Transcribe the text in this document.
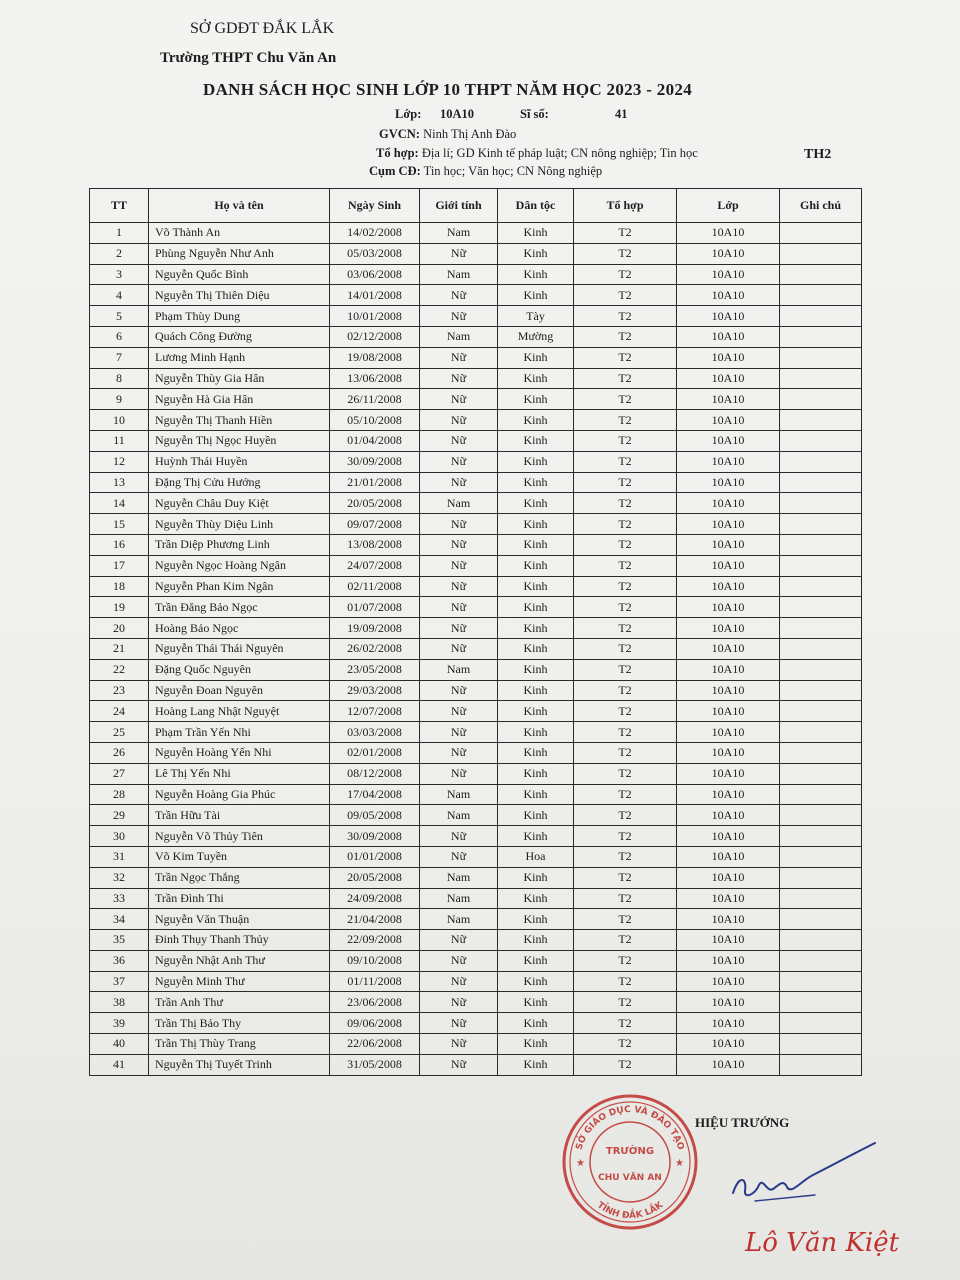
SỞ GDĐT ĐẮK LẮK
Trường THPT Chu Văn An
DANH SÁCH HỌC SINH LỚP 10 THPT NĂM HỌC 2023 - 2024
Lớp: 10A10	Sĩ số:	41
GVCN: Ninh Thị Anh Đào
Tổ hợp: Địa lí; GD Kinh tế pháp luật; CN nông nghiệp; Tin học
Cụm CĐ: Tin học; Văn học; CN Nông nghiệp
TH2
TT	Họ và tên	Ngày Sinh	Giới tính	Dân tộc	Tổ hợp	Lớp	Ghi chú
1	Võ Thành An	14/02/2008	Nam	Kinh	T2	10A10	
2	Phùng Nguyễn Như Anh	05/03/2008	Nữ	Kinh	T2	10A10	
3	Nguyễn Quốc Bình	03/06/2008	Nam	Kinh	T2	10A10	
4	Nguyễn Thị Thiên Diệu	14/01/2008	Nữ	Kinh	T2	10A10	
5	Phạm Thùy Dung	10/01/2008	Nữ	Tày	T2	10A10	
6	Quách Công Đường	02/12/2008	Nam	Mường	T2	10A10	
7	Lương Minh Hạnh	19/08/2008	Nữ	Kinh	T2	10A10	
8	Nguyễn Thùy Gia Hân	13/06/2008	Nữ	Kinh	T2	10A10	
9	Nguyễn Hà Gia Hân	26/11/2008	Nữ	Kinh	T2	10A10	
10	Nguyễn Thị Thanh Hiền	05/10/2008	Nữ	Kinh	T2	10A10	
11	Nguyễn Thị Ngọc Huyền	01/04/2008	Nữ	Kinh	T2	10A10	
12	Huỳnh Thái Huyền	30/09/2008	Nữ	Kinh	T2	10A10	
13	Đặng Thị Cửu Hướng	21/01/2008	Nữ	Kinh	T2	10A10	
14	Nguyễn Châu Duy Kiệt	20/05/2008	Nam	Kinh	T2	10A10	
15	Nguyễn Thùy Diệu Linh	09/07/2008	Nữ	Kinh	T2	10A10	
16	Trần Diệp Phương Linh	13/08/2008	Nữ	Kinh	T2	10A10	
17	Nguyễn Ngọc Hoàng Ngân	24/07/2008	Nữ	Kinh	T2	10A10	
18	Nguyễn Phan Kim Ngân	02/11/2008	Nữ	Kinh	T2	10A10	
19	Trần Đăng Bảo Ngọc	01/07/2008	Nữ	Kinh	T2	10A10	
20	Hoàng Bảo Ngọc	19/09/2008	Nữ	Kinh	T2	10A10	
21	Nguyễn Thái Thái Nguyên	26/02/2008	Nữ	Kinh	T2	10A10	
22	Đặng Quốc Nguyên	23/05/2008	Nam	Kinh	T2	10A10	
23	Nguyễn Đoan Nguyên	29/03/2008	Nữ	Kinh	T2	10A10	
24	Hoàng Lang Nhật Nguyệt	12/07/2008	Nữ	Kinh	T2	10A10	
25	Phạm Trần Yến Nhi	03/03/2008	Nữ	Kinh	T2	10A10	
26	Nguyễn Hoàng Yến Nhi	02/01/2008	Nữ	Kinh	T2	10A10	
27	Lê Thị Yến Nhi	08/12/2008	Nữ	Kinh	T2	10A10	
28	Nguyễn Hoàng Gia Phúc	17/04/2008	Nam	Kinh	T2	10A10	
29	Trần Hữu Tài	09/05/2008	Nam	Kinh	T2	10A10	
30	Nguyễn Võ Thủy Tiên	30/09/2008	Nữ	Kinh	T2	10A10	
31	Võ Kim Tuyền	01/01/2008	Nữ	Hoa	T2	10A10	
32	Trần Ngọc Thắng	20/05/2008	Nam	Kinh	T2	10A10	
33	Trần Đình Thi	24/09/2008	Nam	Kinh	T2	10A10	
34	Nguyễn Văn Thuận	21/04/2008	Nam	Kinh	T2	10A10	
35	Đinh Thụy Thanh Thủy	22/09/2008	Nữ	Kinh	T2	10A10	
36	Nguyễn Nhật Anh Thư	09/10/2008	Nữ	Kinh	T2	10A10	
37	Nguyễn Minh Thư	01/11/2008	Nữ	Kinh	T2	10A10	
38	Trần Anh Thư	23/06/2008	Nữ	Kinh	T2	10A10	
39	Trần Thị Bảo Thy	09/06/2008	Nữ	Kinh	T2	10A10	
40	Trần Thị Thùy Trang	22/06/2008	Nữ	Kinh	T2	10A10	
41	Nguyễn Thị Tuyết Trinh	31/05/2008	Nữ	Kinh	T2	10A10	
HIỆU TRƯỞNG
SỞ GIÁO DỤC VÀ ĐÀO TẠO
TỈNH ĐẮK LẮK
TRƯỜNG
CHU VĂN AN
★	★
Lô Văn Kiệt
